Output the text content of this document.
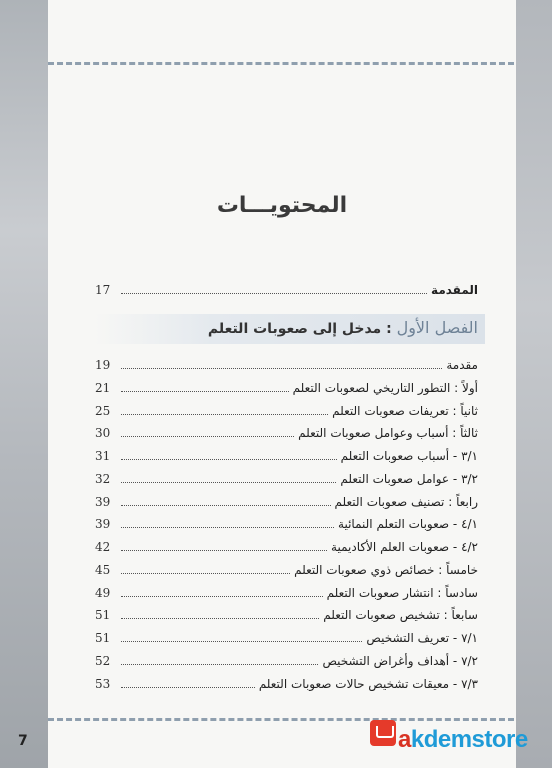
المحتويـــات
17	المقدمة
الفصل الأول : مدخل إلى صعوبات التعلم
19	مقدمة
21	أولاً : التطور التاريخي لصعوبات التعلم
25	ثانياً : تعريفات صعوبات التعلم
30	ثالثاً : أسباب وعوامل صعوبات التعلم
31	٣/١ - أسباب صعوبات التعلم
32	٣/٢ - عوامل صعوبات التعلم
39	رابعاً : تصنيف صعوبات التعلم
39	٤/١ - صعوبات التعلم النمائية
42	٤/٢ - صعوبات العلم الأكاديمية
45	خامساً : خصائص ذوي صعوبات التعلم
49	سادساً : انتشار صعوبات التعلم
51	سابعاً : تشخيص صعوبات التعلم
51	٧/١ - تعريف التشخيص
52	٧/٢ - أهداف وأغراض التشخيص
53	٧/٣ - معيقات تشخيص حالات صعوبات التعلم
7	akdemstore
